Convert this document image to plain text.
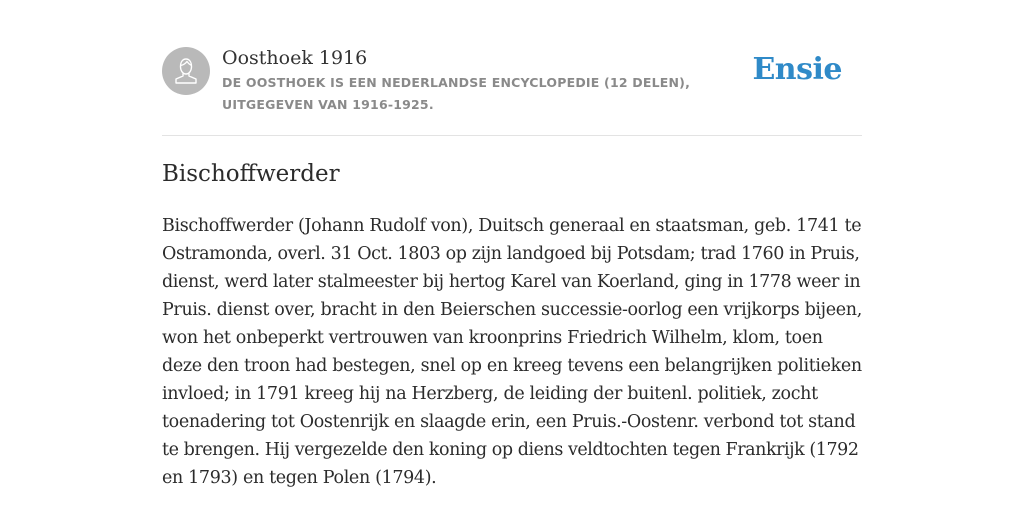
Oosthoek 1916
DE OOSTHOEK IS EEN NEDERLANDSE ENCYCLOPEDIE (12 DELEN), UITGEGEVEN VAN 1916-1925.
Ensie
Bischoffwerder
Bischoffwerder (Johann Rudolf von), Duitsch generaal en staatsman, geb. 1741 te
Ostramonda, overl. 31 Oct. 1803 op zijn landgoed bij Potsdam; trad 1760 in Pruis,
dienst, werd later stalmeester bij hertog Karel van Koerland, ging in 1778 weer in
Pruis. dienst over, bracht in den Beierschen successie-oorlog een vrijkorps bijeen,
won het onbeperkt vertrouwen van kroonprins Friedrich Wilhelm, klom, toen
deze den troon had bestegen, snel op en kreeg tevens een belangrijken politieken
invloed; in 1791 kreeg hij na Herzberg, de leiding der buitenl. politiek, zocht
toenadering tot Oostenrijk en slaagde erin, een Pruis.-Oostenr. verbond tot stand
te brengen. Hij vergezelde den koning op diens veldtochten tegen Frankrijk (1792
en 1793) en tegen Polen (1794).
